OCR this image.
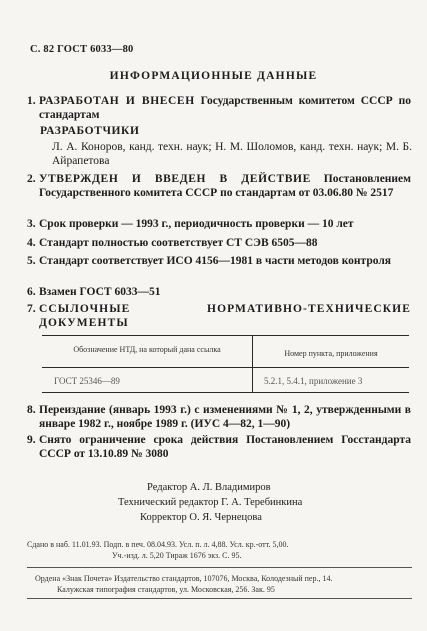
С. 82 ГОСТ 6033—80
ИНФОРМАЦИОННЫЕ ДАННЫЕ
1. РАЗРАБОТАН И ВНЕСЕН Государственным комитетом СССР по стандартам
РАЗРАБОТЧИКИ
Л. А. Коноров, канд. техн. наук; Н. М. Шоломов, канд. техн. наук; М. Б. Айрапетова
2. УТВЕРЖДЕН И ВВЕДЕН В ДЕЙСТВИЕ Постановлением Государственного комитета СССР по стандартам от 03.06.80 № 2517
3. Срок проверки — 1993 г., периодичность проверки — 10 лет
4. Стандарт полностью соответствует СТ СЭВ 6505—88
5. Стандарт соответствует ИСО 4156—1981 в части методов контроля
6. Взамен ГОСТ 6033—51
7. ССЫЛОЧНЫЕ НОРМАТИВНО-ТЕХНИЧЕСКИЕ ДОКУМЕНТЫ
Обозначение НТД, на который дана ссылка	Номер пункта, приложения
ГОСТ 25346—89	5.2.1, 5.4.1, приложение 3
8. Переиздание (январь 1993 г.) с изменениями № 1, 2, утвержденными в январе 1982 г., ноябре 1989 г. (ИУС 4—82, 1—90)
9. Снято ограничение срока действия Постановлением Госстандарта СССР от 13.10.89 № 3080
Редактор А. Л. Владимиров
Технический редактор Г. А. Теребинкина
Корректор О. Я. Чернецова
Сдано в наб. 11.01.93. Подп. в печ. 08.04.93. Усл. п. л. 4,88. Усл. кр.-отт. 5,00.
Уч.-изд. л. 5,20 Тираж 1676 экз. С. 95.
Ордена «Знак Почета» Издательство стандартов, 107076, Москва, Колодезный пер., 14.
Калужская типография стандартов, ул. Московская, 256. Зак. 95
